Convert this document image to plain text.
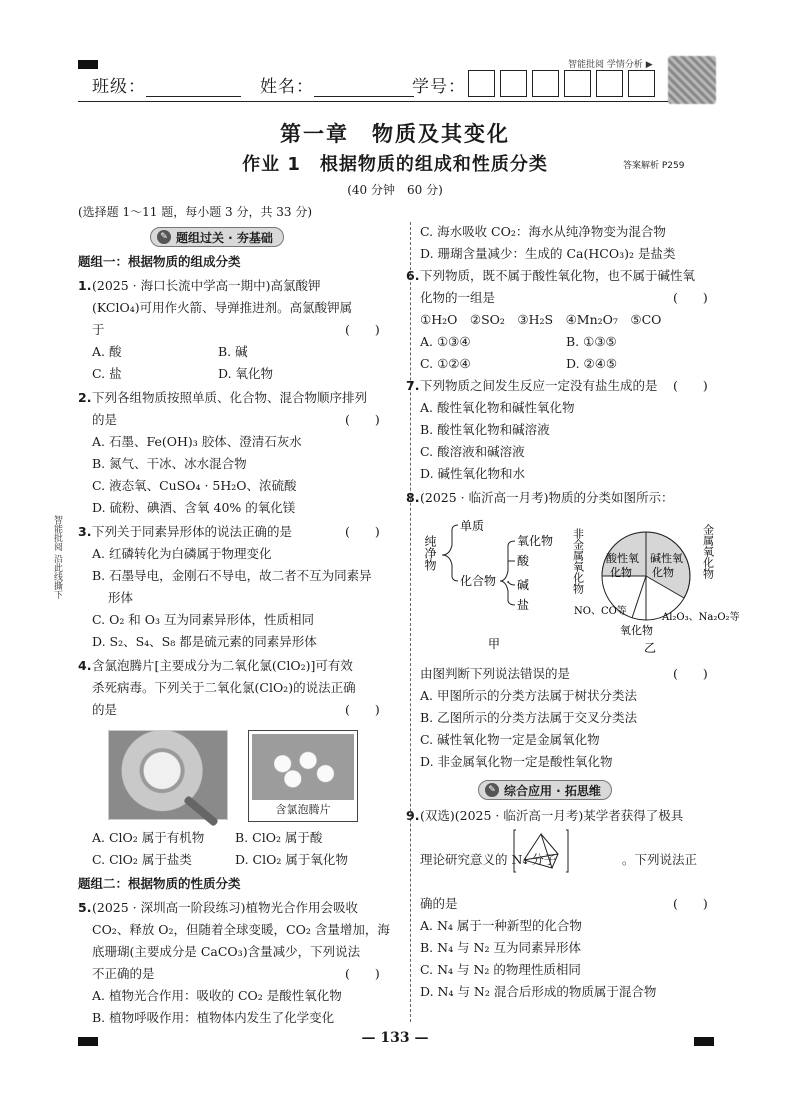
智能批阅 学情分析 ▶
班级：	姓名：	学号：
第一章　物质及其变化
作业 1　根据物质的组成和性质分类	答案解析 P259
(40 分钟　60 分)
(选择题 1～11 题，每小题 3 分，共 33 分)
智能批阅 沿此线撕下
✎ 题组过关 · 夯基础
题组一：根据物质的组成分类
1. (2025 · 海口长流中学高一期中)高氯酸钾
(KClO₄)可用作火箭、导弹推进剂。高氯酸钾属
于	(　　)
A. 酸	B. 碱
C. 盐	D. 氧化物
2. 下列各组物质按照单质、化合物、混合物顺序排列
的是	(　　)
A. 石墨、Fe(OH)₃ 胶体、澄清石灰水
B. 氮气、干冰、冰水混合物
C. 液态氧、CuSO₄ · 5H₂O、浓硫酸
D. 硫粉、碘酒、含氧 40% 的氧化镁
3. 下列关于同素异形体的说法正确的是	(　　)
A. 红磷转化为白磷属于物理变化
B. 石墨导电，金刚石不导电，故二者不互为同素异
形体
C. O₂ 和 O₃ 互为同素异形体，性质相同
D. S₂、S₄、S₈ 都是硫元素的同素异形体
4. 含氯泡腾片[主要成分为二氧化氯(ClO₂)]可有效
杀死病毒。下列关于二氧化氯(ClO₂)的说法正确
的是	(　　)
含氯泡腾片
A. ClO₂ 属于有机物 B. ClO₂ 属于酸
C. ClO₂ 属于盐类	D. ClO₂ 属于氧化物
题组二：根据物质的性质分类
5. (2025 · 深圳高一阶段练习)植物光合作用会吸收
CO₂、释放 O₂，但随着全球变暖，CO₂ 含量增加，海
底珊瑚(主要成分是 CaCO₃)含量减少，下列说法
不正确的是	(　　)
A. 植物光合作用：吸收的 CO₂ 是酸性氧化物
B. 植物呼吸作用：植物体内发生了化学变化
C. 海水吸收 CO₂：海水从纯净物变为混合物
D. 珊瑚含量减少：生成的 Ca(HCO₃)₂ 是盐类
6. 下列物质，既不属于酸性氧化物，也不属于碱性氧
化物的一组是	(　　)
①H₂O　②SO₂　③H₂S　④Mn₂O₇　⑤CO
A. ①③④	B. ①③⑤
C. ①②④	D. ②④⑤
7. 下列物质之间发生反应一定没有盐生成的是 (　　)
A. 酸性氧化物和碱性氧化物
B. 酸性氧化物和碱溶液
C. 酸溶液和碱溶液
D. 碱性氧化物和水
8. (2025 · 临沂高一月考)物质的分类如图所示：
纯净物
单质
化合物
氧化物
酸
碱
盐
甲
非金属氧化物	金属氧化物
酸性氧
化物
碱性氧
化物
NO、CO等
Al₂O₃、Na₂O₂等
氧化物
乙
由图判断下列说法错误的是	(　　)
A. 甲图所示的分类方法属于树状分类法
B. 乙图所示的分类方法属于交叉分类法
C. 碱性氧化物一定是金属氧化物
D. 非金属氧化物一定是酸性氧化物
✎ 综合应用 · 拓思维
9. (双选)(2025 · 临沂高一月考)某学者获得了极具
理论研究意义的 N₄ 分子	。下列说法正
确的是	(　　)
A. N₄ 属于一种新型的化合物
B. N₄ 与 N₂ 互为同素异形体
C. N₄ 与 N₂ 的物理性质相同
D. N₄ 与 N₂ 混合后形成的物质属于混合物
— 133 —
